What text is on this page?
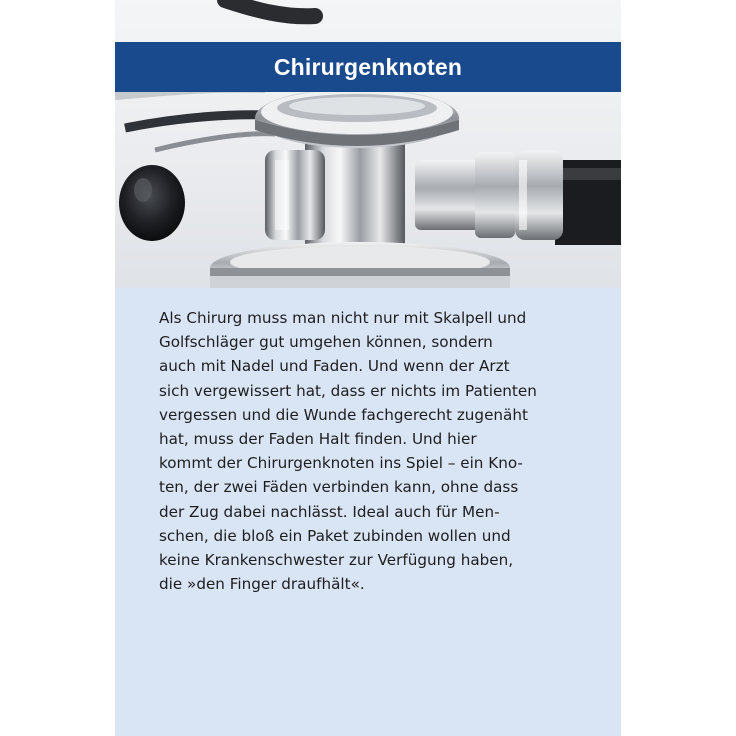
Chirurgenknoten

Als Chirurg muss man nicht nur mit Skalpell und
Golfschläger gut umgehen können, sondern
auch mit Nadel und Faden. Und wenn der Arzt
sich vergewissert hat, dass er nichts im Patienten
vergessen und die Wunde fachgerecht zugenäht
hat, muss der Faden Halt finden. Und hier
kommt der Chirurgenknoten ins Spiel – ein Kno-
ten, der zwei Fäden verbinden kann, ohne dass
der Zug dabei nachlässt. Ideal auch für Men-
schen, die bloß ein Paket zubinden wollen und
keine Krankenschwester zur Verfügung haben,
die »den Finger draufhält«.
